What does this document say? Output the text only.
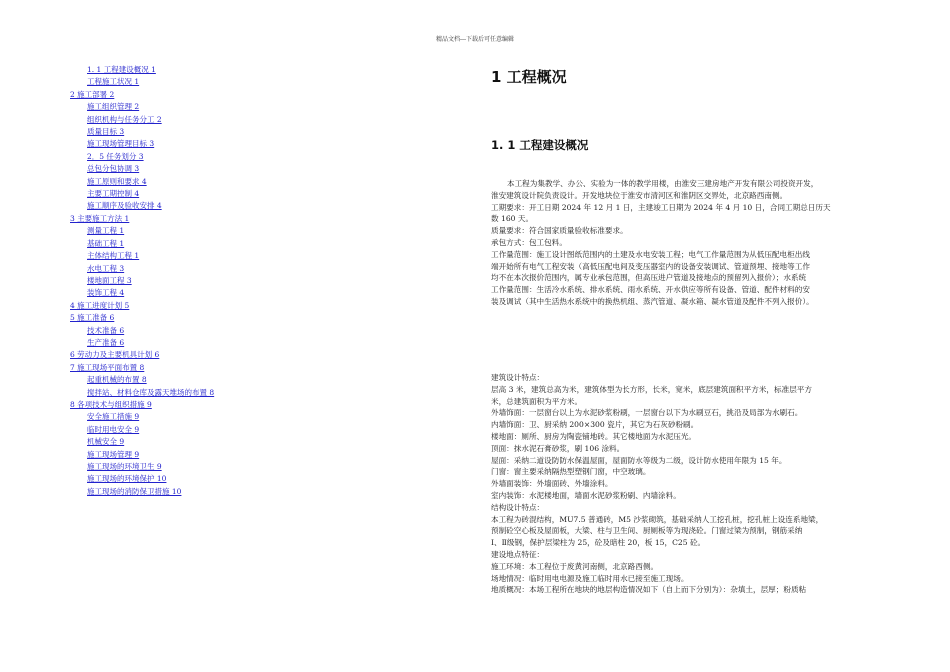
精品文档---下载后可任意编辑
1. 1 工程建设概况 1
工程施工状况 1
2 施工部署 2
施工组织管理 2
组织机构与任务分工 2
质量目标 3
施工现场管理目标 3
2．5 任务划分 3
总包分包协调 3
施工原则和要求 4
主要工期控制 4
施工顺序及验收安排 4
3 主要施工方法 1
测量工程 1
基础工程 1
主体结构工程 1
水电工程 3
楼地面工程 3
装饰工程 4
4 施工进度计划 5
5 施工准备 6
技术准备 6
生产准备 6
6 劳动力及主要机具计划 6
7 施工现场平面布置 8
起重机械的布置 8
搅拌站、材料仓库及露天堆场的布置 8
8 各项技术与组织措施 9
安全施工措施 9
临时用电安全 9
机械安全 9
施工现场管理 9
施工现场的环境卫生 9
施工现场的环境保护 10
施工现场的消防保卫措施 10
1 工程概况
1. 1 工程建设概况
本工程为集教学、办公、实验为一体的教学用楼，由淮安三建房地产开发有限公司投资开发，
淮安建筑设计院负责设计。开发地块位于淮安市清河区和淮阴区交界处，北京路西南侧。
工期要求：开工日期 2024 年 12 月 1 日，主建竣工日期为 2024 年 4 月 10 日，合同工期总日历天
数 160 天。
质量要求：符合国家质量验收标准要求。
承包方式：包工包料。
工作量范围：施工设计图纸范围内的土建及水电安装工程；电气工作量范围为从低压配电柜出线
端开始所有电气工程安装（高低压配电间及变压器室内的设备安装调试、管道预埋、接地等工作
均不在本次报价范围内，属专业承包范围，但高压进户管道及接地点的预留列入报价）；水系统
工作量范围：生活冷水系统、排水系统、雨水系统、开水供应等所有设备、管道、配件材料的安
装及调试（其中生活热水系统中的换热机组、蒸汽管道、凝水箱、凝水管道及配件不列入报价）。
建筑设计特点：
层高 3 米，建筑总高为米，建筑体型为长方形，长米，宽米，底层建筑面积平方米，标准层平方
米，总建筑面积为平方米。
外墙饰面：一层窗台以上为水泥砂浆粉刷，一层窗台以下为水刷豆石，挑沿及局部为水刷石。
内墙饰面：卫、厨采纳 200×300 瓷片，其它为石灰砂粉刷。
楼地面：厕所、厨房为陶瓷铺地砖。其它楼地面为水泥压光。
顶面：抹水泥石膏砂浆，刷 106 涂料。
屋面：采纳二道设防防水保温屋面，屋面防水等级为二级，设计防水使用年限为 15 年。
门窗：窗主要采纳隔热型塑钢门窗，中空玻璃。
外墙面装饰：外墙面砖、外墙涂料。
室内装饰：水泥楼地面，墙面水泥砂浆粉刷、内墙涂料。
结构设计特点：
本工程为砖混结构，MU7.5 普通砖，M5 沙浆砌筑，基础采纳人工挖孔桩，挖孔桩上设连系地梁，
预制砼空心板及屋面板，大梁、柱与卫生间、厨厕板等为现浇砼。门窗过梁为预制，钢筋采纳
Ⅰ、Ⅱ级钢，保护层梁柱为 25，砼及暗柱 20，板 15，C25 砼。
建设地点特征：
施工环境：本工程位于废黄河南侧，北京路西侧。
场地情况：临时用电电源及施工临时用水已接至施工现场。
地质概况：本场工程所在地块的地层构造情况如下（自上而下分别为）：杂填土，层厚；粉质粘
